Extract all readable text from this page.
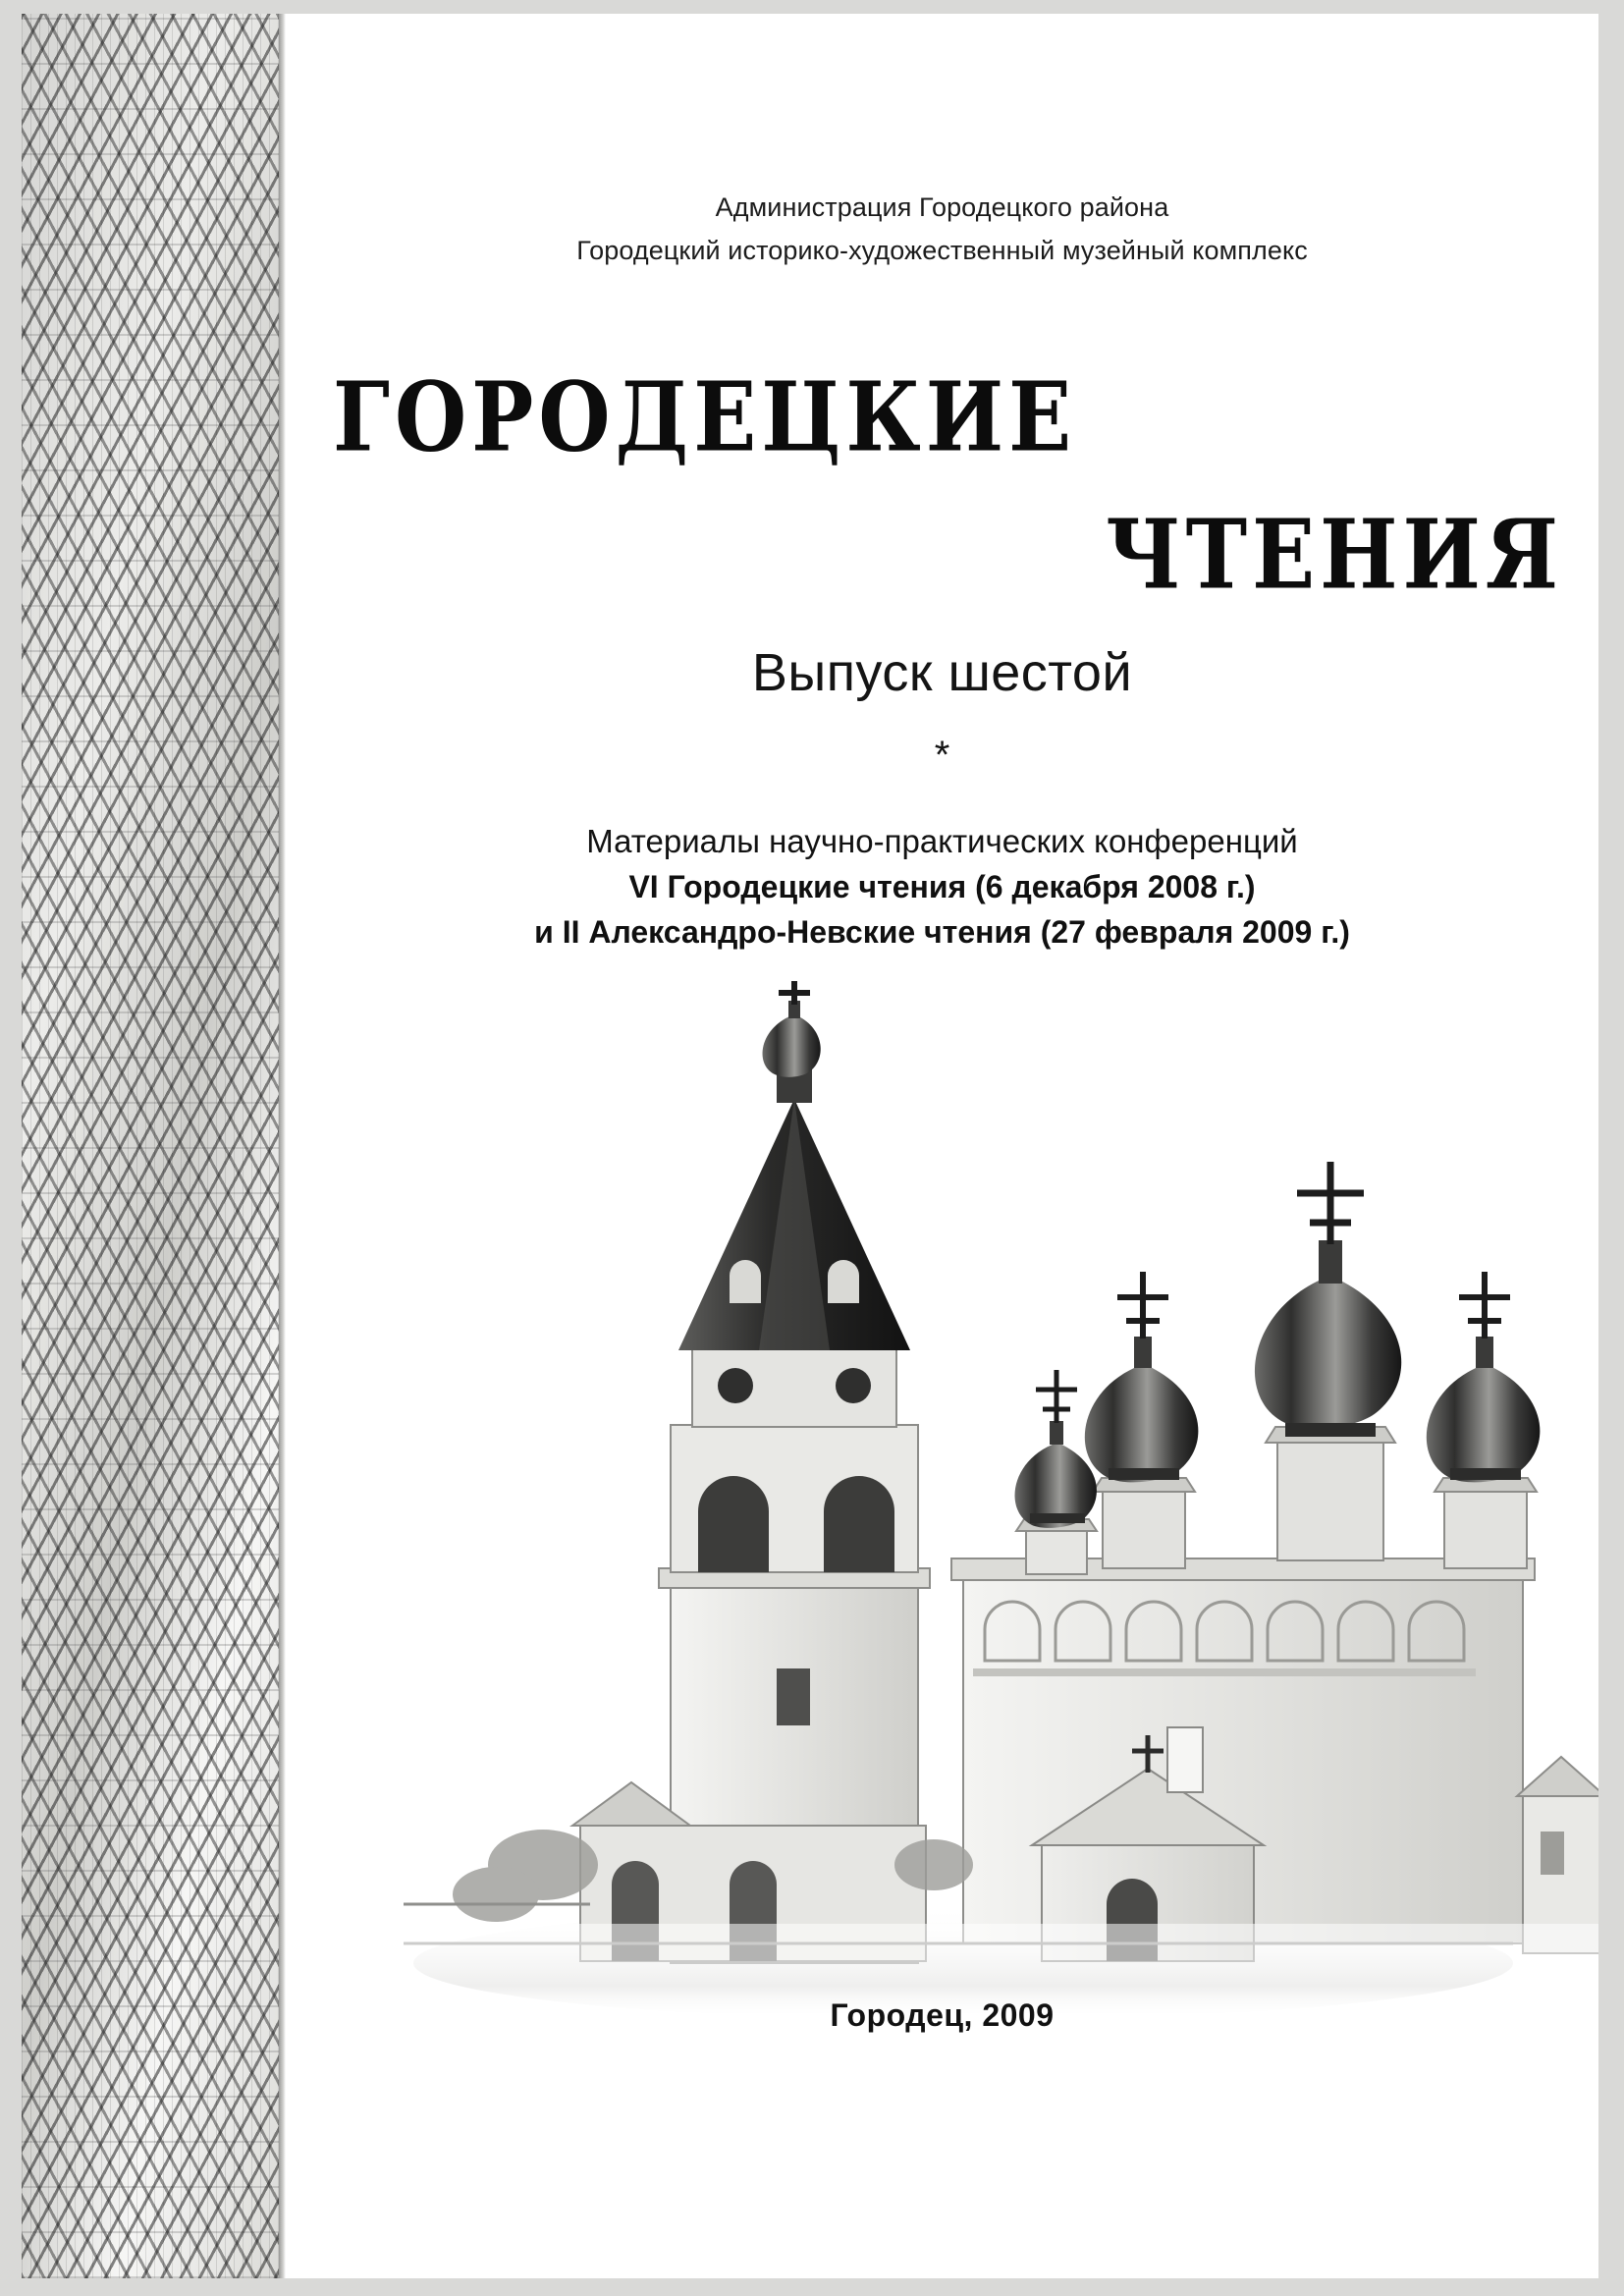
Администрация Городецкого района
Городецкий историко-художественный музейный комплекс
ГОРОДЕЦКИЕ
ЧТЕНИЯ
Выпуск шестой
*
Материалы научно-практических конференций
VI Городецкие чтения (6 декабря 2008 г.)
и II Александро-Невские чтения (27 февраля 2009 г.)
Городец, 2009
